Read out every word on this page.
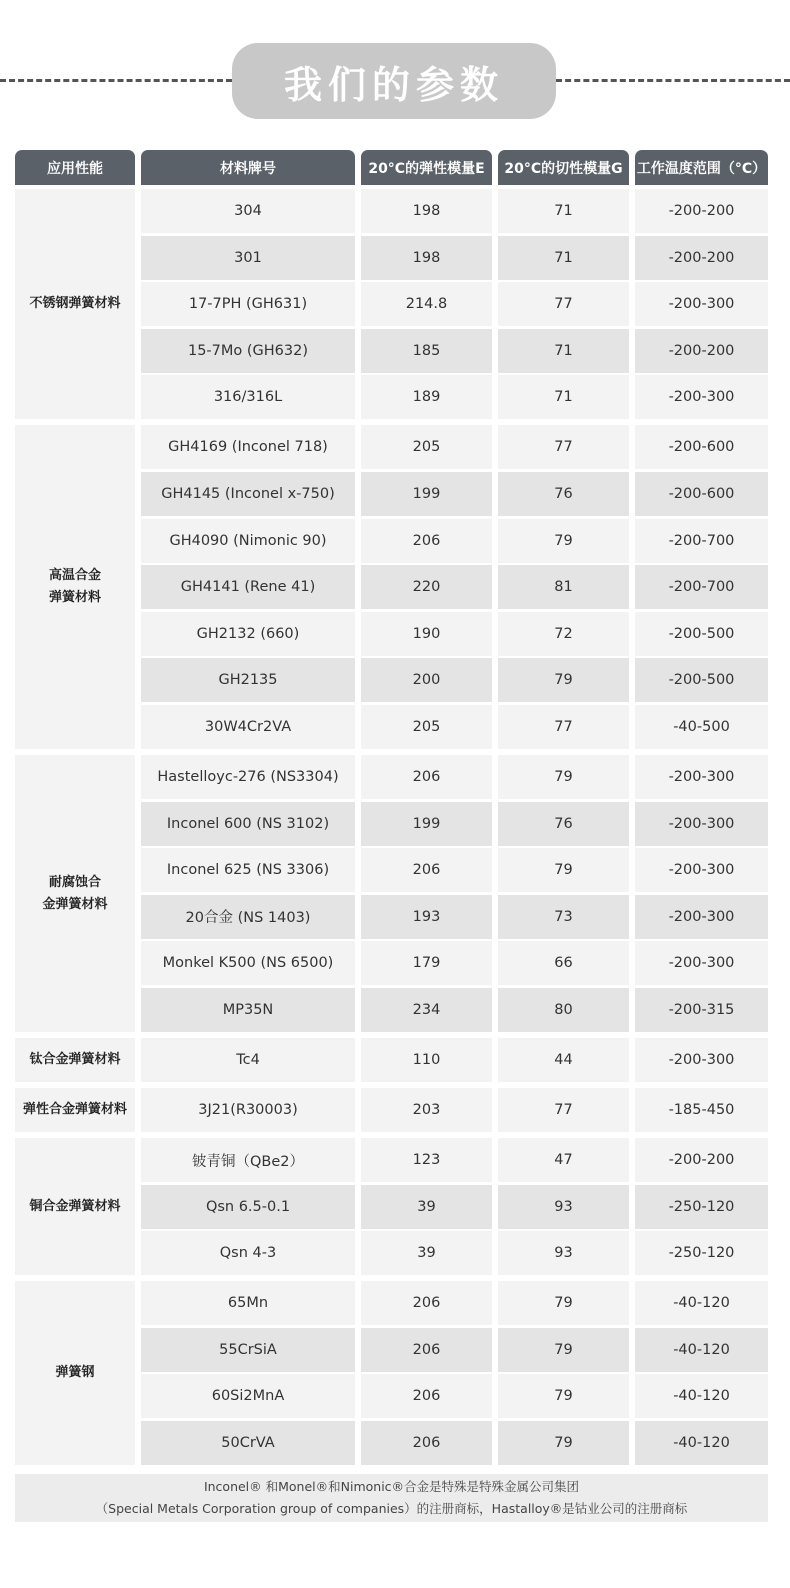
我们的参数
应用性能	材料牌号	20°C的弹性模量E	20°C的切性模量G	工作温度范围（°C）
不锈钢弹簧材料
304	198	71	-200-200
301	198	71	-200-200
17-7PH (GH631)	214.8	77	-200-300
15-7Mo (GH632)	185	71	-200-200
316/316L	189	71	-200-300
高温合金
弹簧材料
GH4169 (Inconel 718)	205	77	-200-600
GH4145 (Inconel x-750)	199	76	-200-600
GH4090 (Nimonic 90)	206	79	-200-700
GH4141 (Rene 41)	220	81	-200-700
GH2132 (660)	190	72	-200-500
GH2135	200	79	-200-500
30W4Cr2VA	205	77	-40-500
耐腐蚀合
金弹簧材料
Hastelloyc-276 (NS3304)	206	79	-200-300
Inconel 600 (NS 3102)	199	76	-200-300
Inconel 625 (NS 3306)	206	79	-200-300
20合金 (NS 1403)	193	73	-200-300
Monkel K500 (NS 6500)	179	66	-200-300
MP35N	234	80	-200-315
钛合金弹簧材料	Tc4	110	44	-200-300
弹性合金弹簧材料	3J21(R30003)	203	77	-185-450
铜合金弹簧材料
铍青铜（QBe2）	123	47	-200-200
Qsn 6.5-0.1	39	93	-250-120
Qsn 4-3	39	93	-250-120
弹簧钢
65Mn	206	79	-40-120
55CrSiA	206	79	-40-120
60Si2MnA	206	79	-40-120
50CrVA	206	79	-40-120
Inconel® 和Monel®和Nimonic®合金是特殊是特殊金属公司集团
（Special Metals Corporation group of companies）的注册商标，Hastalloy®是钴业公司的注册商标
